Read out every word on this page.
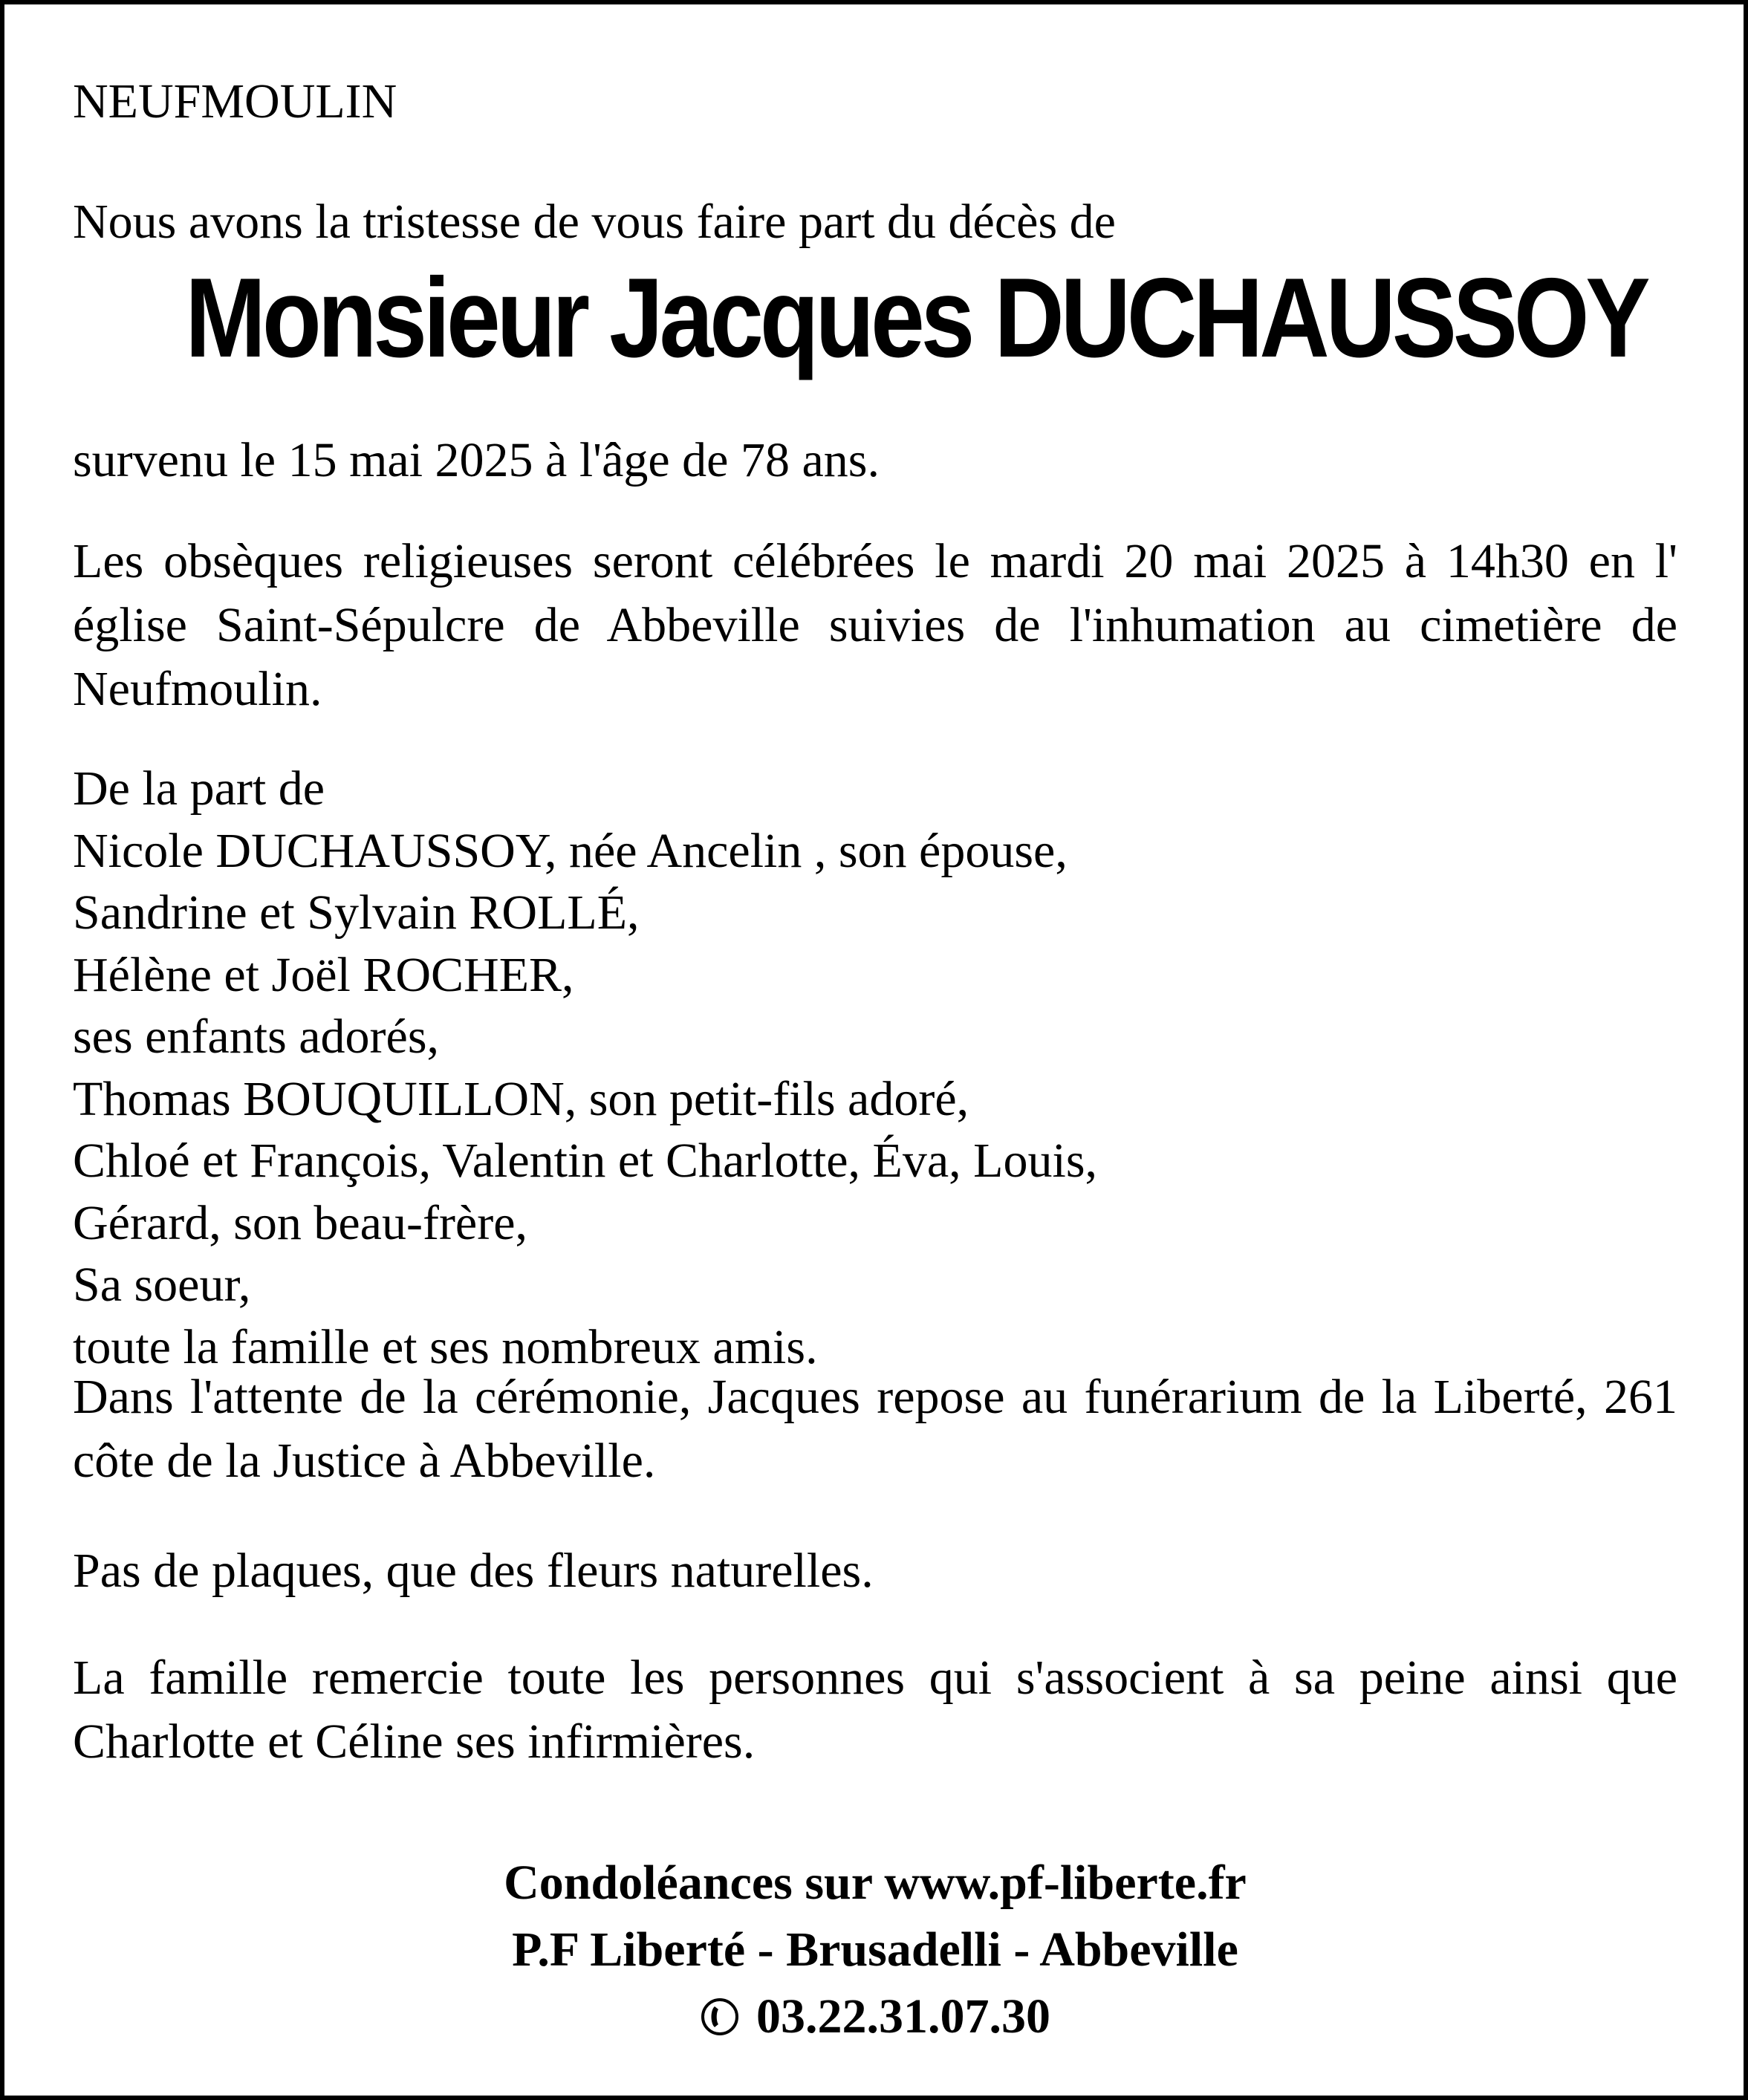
NEUFMOULIN

Nous avons la tristesse de vous faire part du décès de

Monsieur Jacques DUCHAUSSOY

survenu le 15 mai 2025 à l'âge de 78 ans.

Les obsèques religieuses seront célébrées le mardi 20 mai 2025 à 14h30 en l' église Saint-Sépulcre de Abbeville suivies de l'inhumation au cimetière de Neufmoulin.

De la part de

Nicole DUCHAUSSOY, née Ancelin , son épouse,

Sandrine et Sylvain ROLLÉ,

Hélène et Joël ROCHER,

ses enfants adorés,

Thomas BOUQUILLON, son petit-fils adoré,

Chloé et François, Valentin et Charlotte, Éva, Louis,

Gérard, son beau-frère,

Sa soeur,

toute la famille et ses nombreux amis.

Dans l'attente de la cérémonie, Jacques repose au funérarium de la Liberté, 261 côte de la Justice à Abbeville.

Pas de plaques, que des fleurs naturelles.

La famille remercie toute les personnes qui s'associent à sa peine ainsi que Charlotte et Céline ses infirmières.

Condoléances sur www.pf-liberte.fr
P.F Liberté - Brusadelli - Abbeville
03.22.31.07.30
